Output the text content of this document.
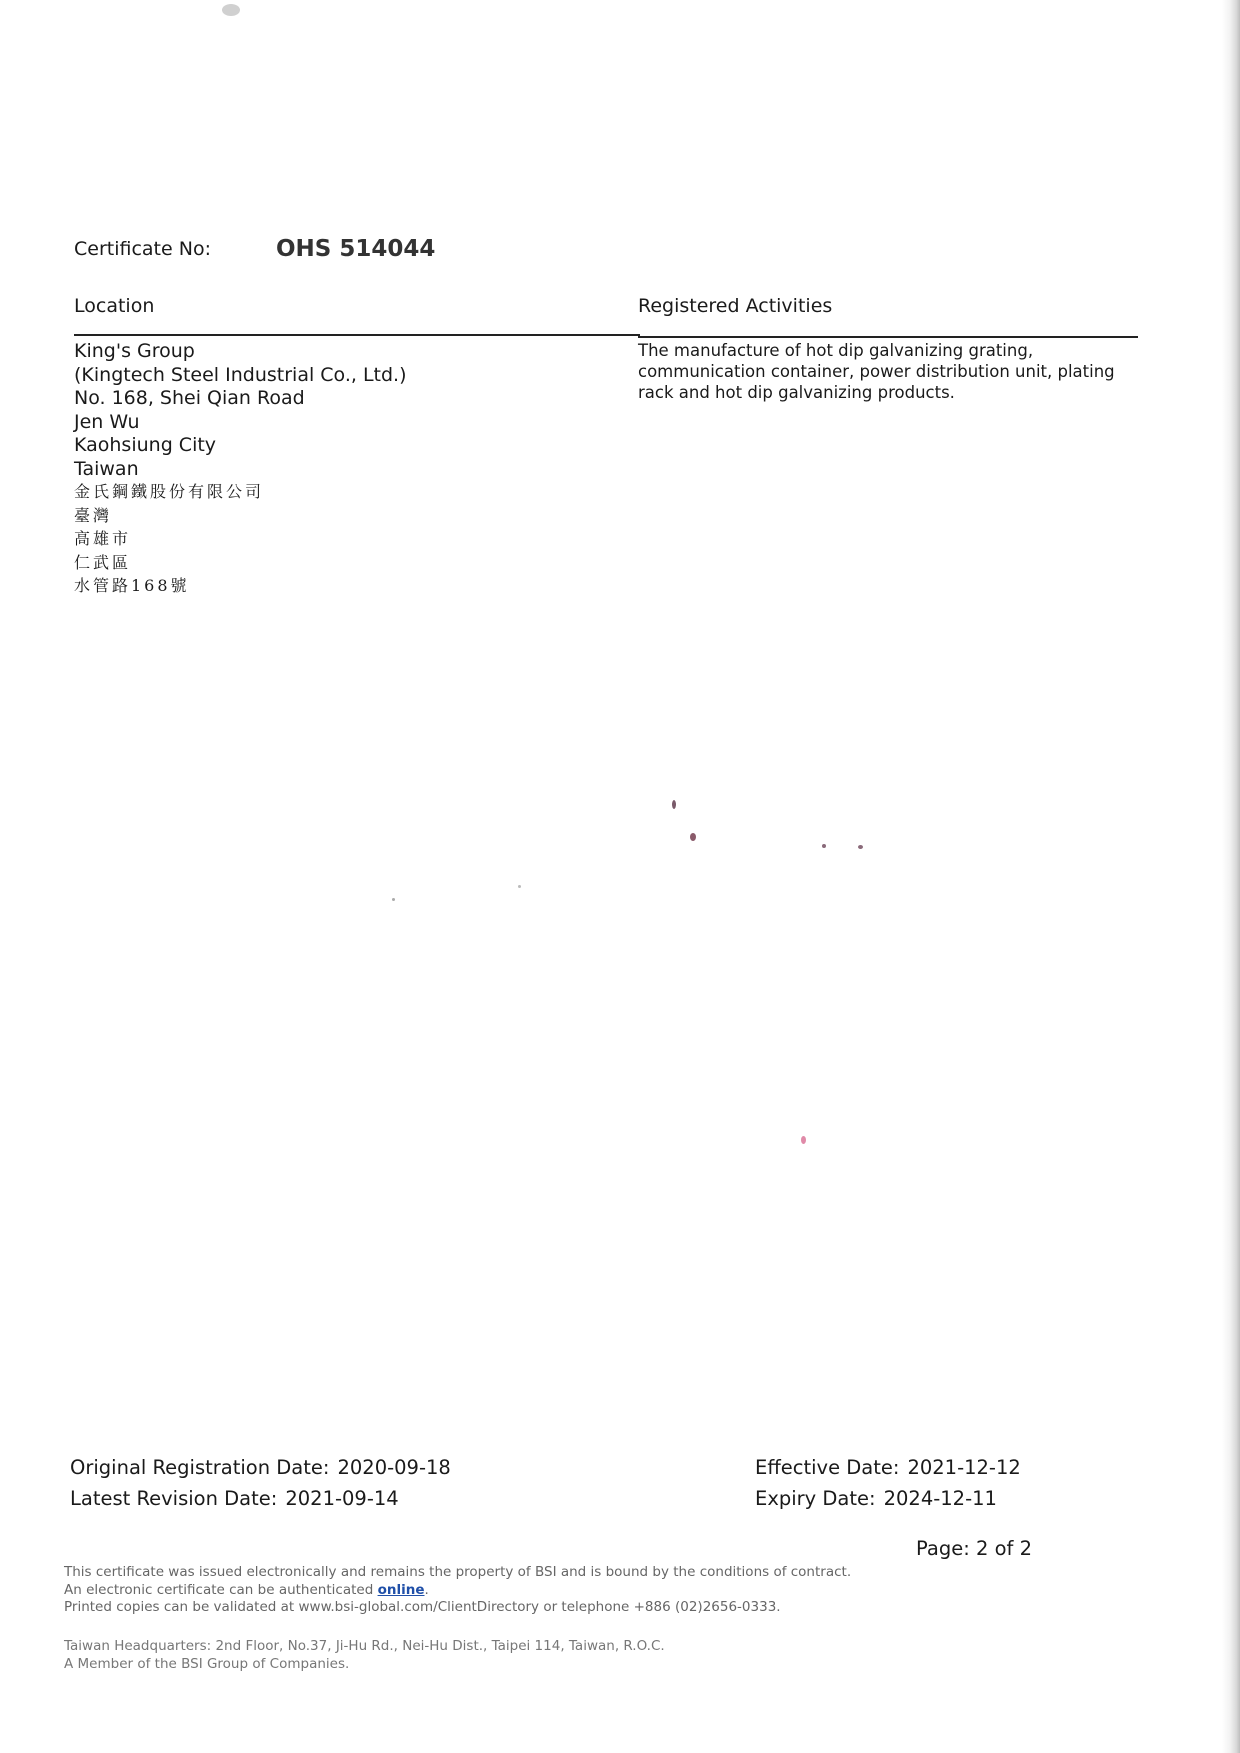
Certificate No:	OHS 514044
Location	Registered Activities
King's Group
(Kingtech Steel Industrial Co., Ltd.)
No. 168, Shei Qian Road
Jen Wu
Kaohsiung City
Taiwan
金氏鋼鐵股份有限公司
臺灣
高雄市
仁武區
水管路168號
The manufacture of hot dip galvanizing grating, communication container, power distribution unit, plating rack and hot dip galvanizing products.
Original Registration Date: 2020-09-18
Latest Revision Date: 2021-09-14
Effective Date: 2021-12-12
Expiry Date: 2024-12-11
Page: 2 of 2
This certificate was issued electronically and remains the property of BSI and is bound by the conditions of contract.
An electronic certificate can be authenticated online.
Printed copies can be validated at www.bsi-global.com/ClientDirectory or telephone +886 (02)2656-0333.
Taiwan Headquarters: 2nd Floor, No.37, Ji-Hu Rd., Nei-Hu Dist., Taipei 114, Taiwan, R.O.C.
A Member of the BSI Group of Companies.
